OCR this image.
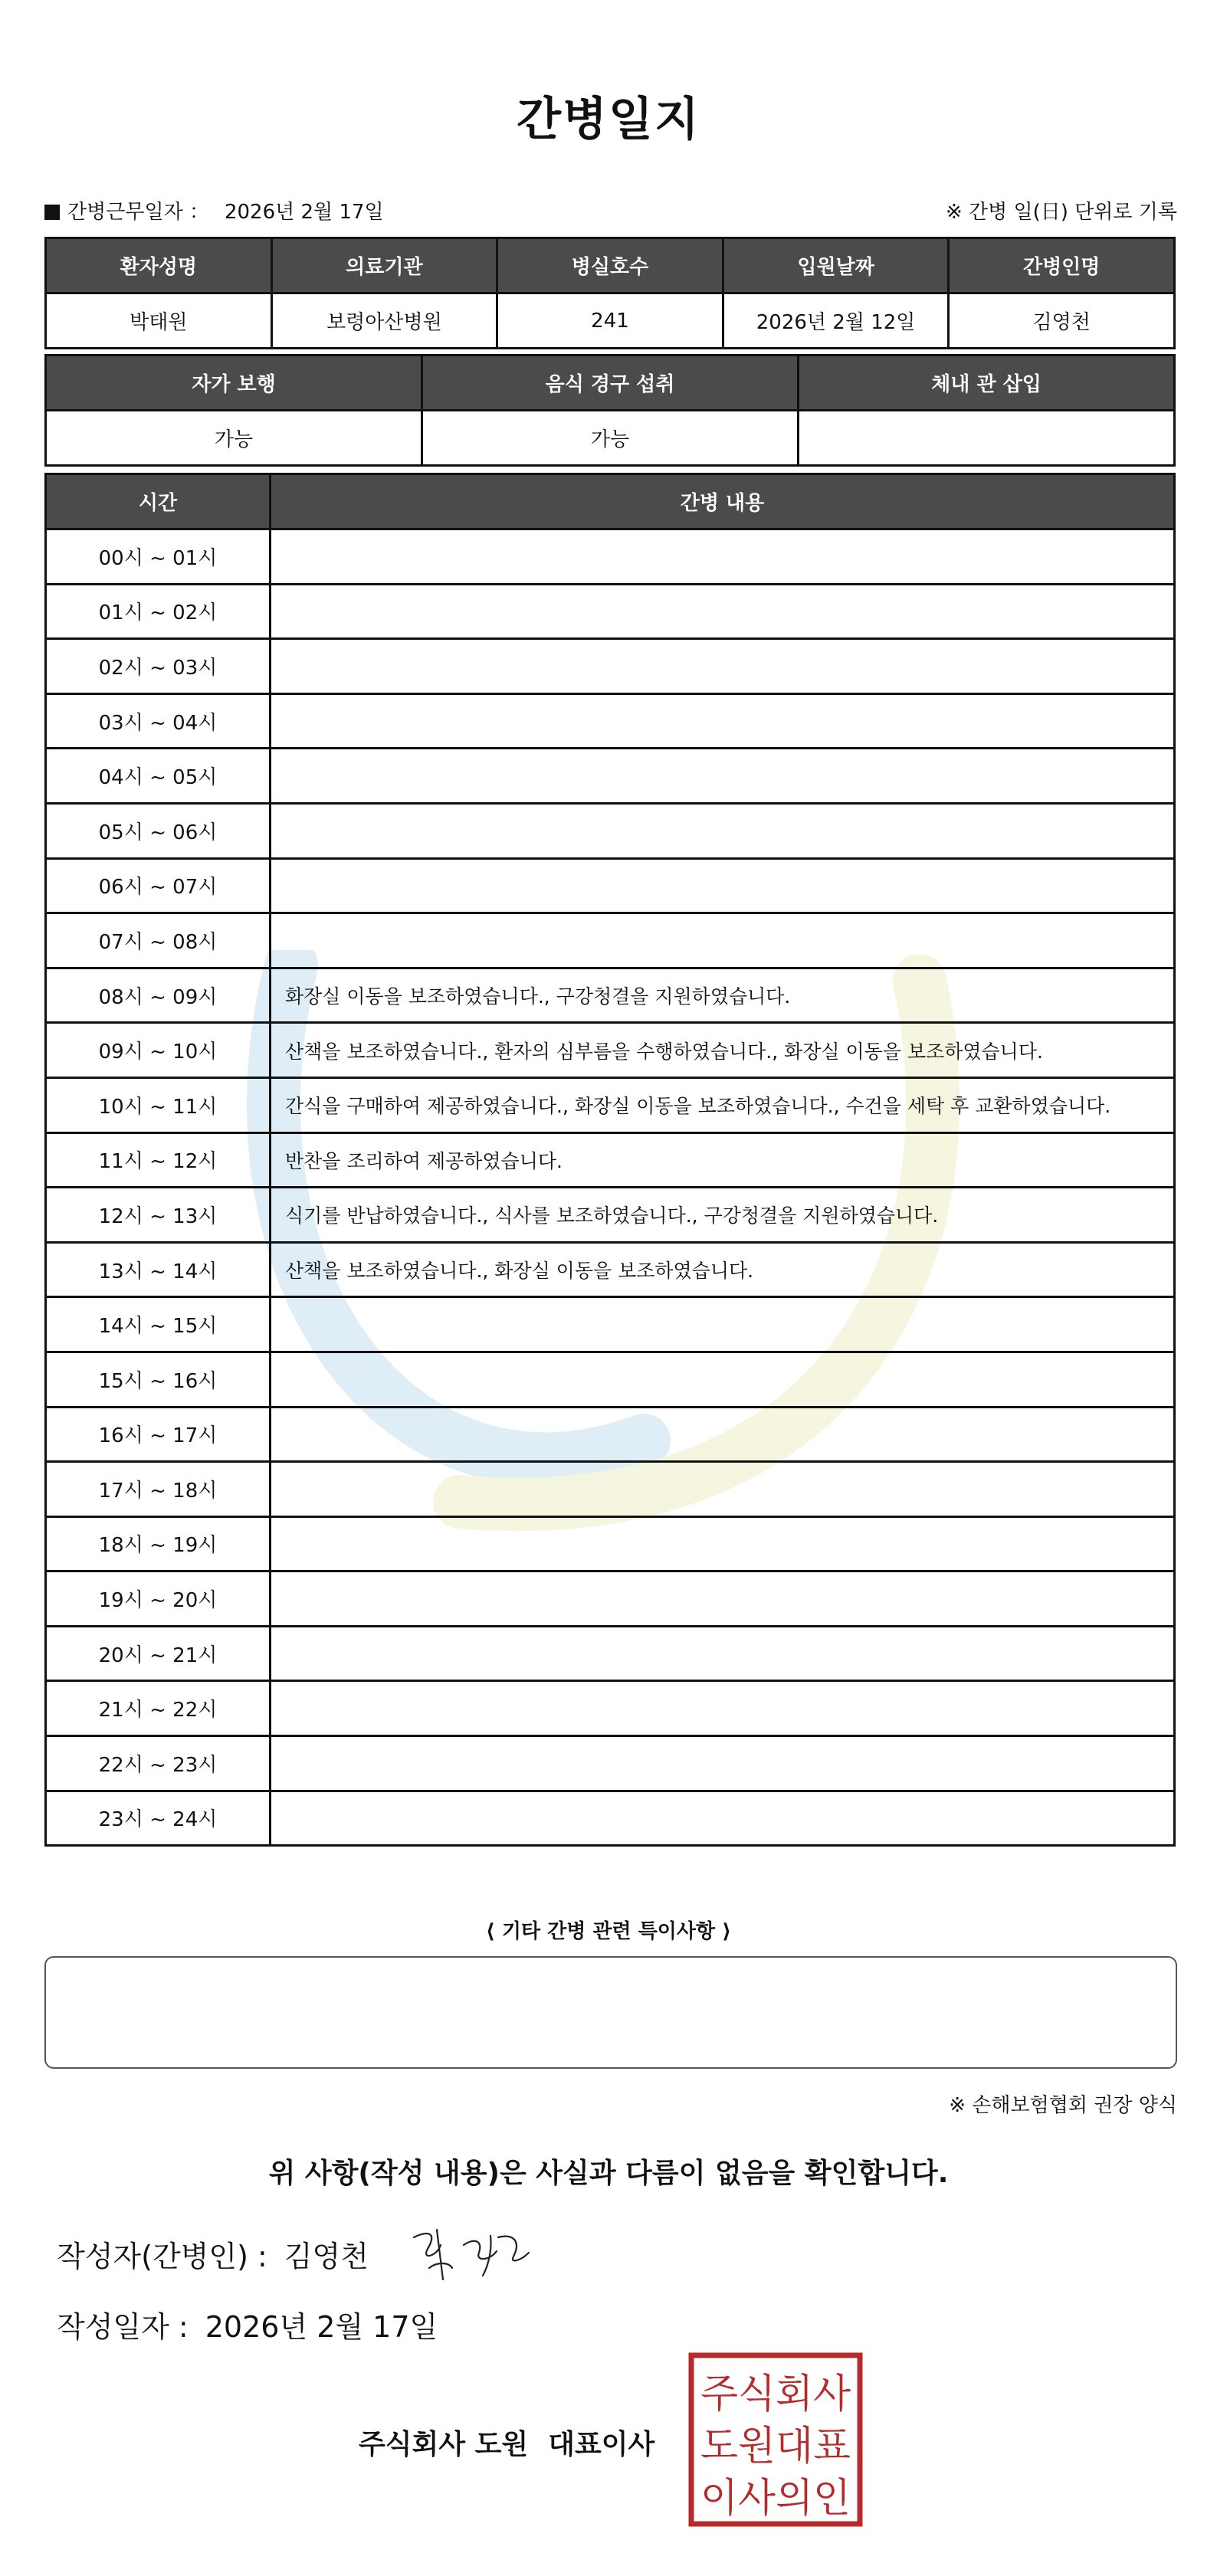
간병일지
간병근무일자 ： 2026년 2월 17일	※ 간병 일(日) 단위로 기록
환자성명	의료기관	병실호수	입원날짜	간병인명
박태원	보령아산병원	241	2026년 2월 12일	김영천
자가 보행	음식 경구 섭취	체내 관 삽입
가능	가능	
시간	간병 내용
00시 ~ 01시	
01시 ~ 02시	
02시 ~ 03시	
03시 ~ 04시	
04시 ~ 05시	
05시 ~ 06시	
06시 ~ 07시	
07시 ~ 08시	
08시 ~ 09시	화장실 이동을 보조하였습니다., 구강청결을 지원하였습니다.
09시 ~ 10시	산책을 보조하였습니다., 환자의 심부름을 수행하였습니다., 화장실 이동을 보조하였습니다.
10시 ~ 11시	간식을 구매하여 제공하였습니다., 화장실 이동을 보조하였습니다., 수건을 세탁 후 교환하였습니다.
11시 ~ 12시	반찬을 조리하여 제공하였습니다.
12시 ~ 13시	식기를 반납하였습니다., 식사를 보조하였습니다., 구강청결을 지원하였습니다.
13시 ~ 14시	산책을 보조하였습니다., 화장실 이동을 보조하였습니다.
14시 ~ 15시	
15시 ~ 16시	
16시 ~ 17시	
17시 ~ 18시	
18시 ~ 19시	
19시 ~ 20시	
20시 ~ 21시	
21시 ~ 22시	
22시 ~ 23시	
23시 ~ 24시	
⟨ 기타 간병 관련 특이사항 ⟩
※ 손해보험협회 권장 양식
위 사항(작성 내용)은 사실과 다름이 없음을 확인합니다.
작성자(간병인) : 김영천
작성일자 : 2026년 2월 17일
주식회사 도원 대표이사
주식회사
도원대표
이사의인
